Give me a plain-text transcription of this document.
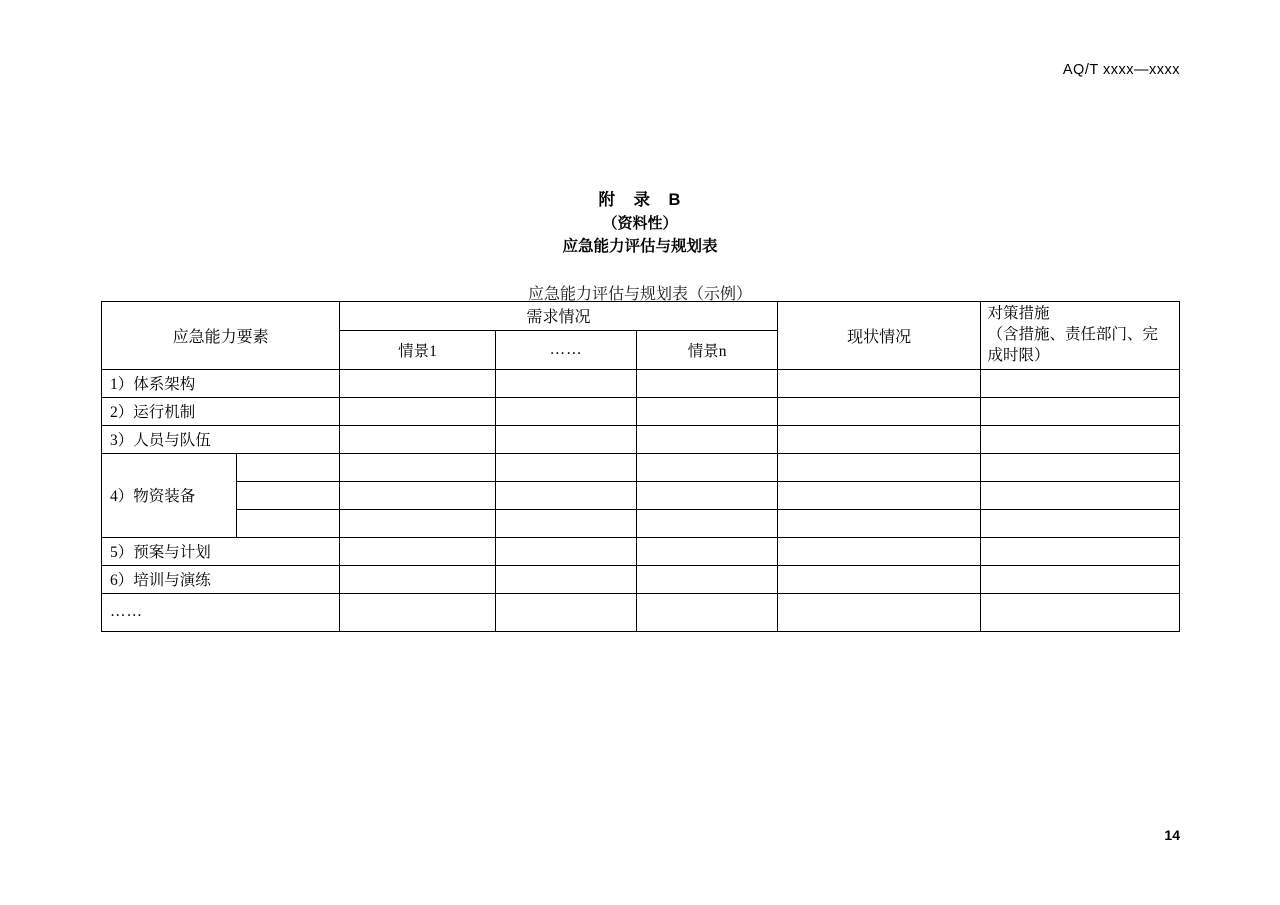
AQ/T xxxx—xxxx
附　录　B
（资料性）
应急能力评估与规划表
应急能力评估与规划表（示例）
应急能力要素		需求情况			现状情况	对策措施
（含措施、责任部门、完
成时限）

		情景1	……	情景n		
1）体系架构						
2）运行机制						
3）人员与队伍						
4）物资装备						

5）预案与计划						
6）培训与演练						
……						
14
